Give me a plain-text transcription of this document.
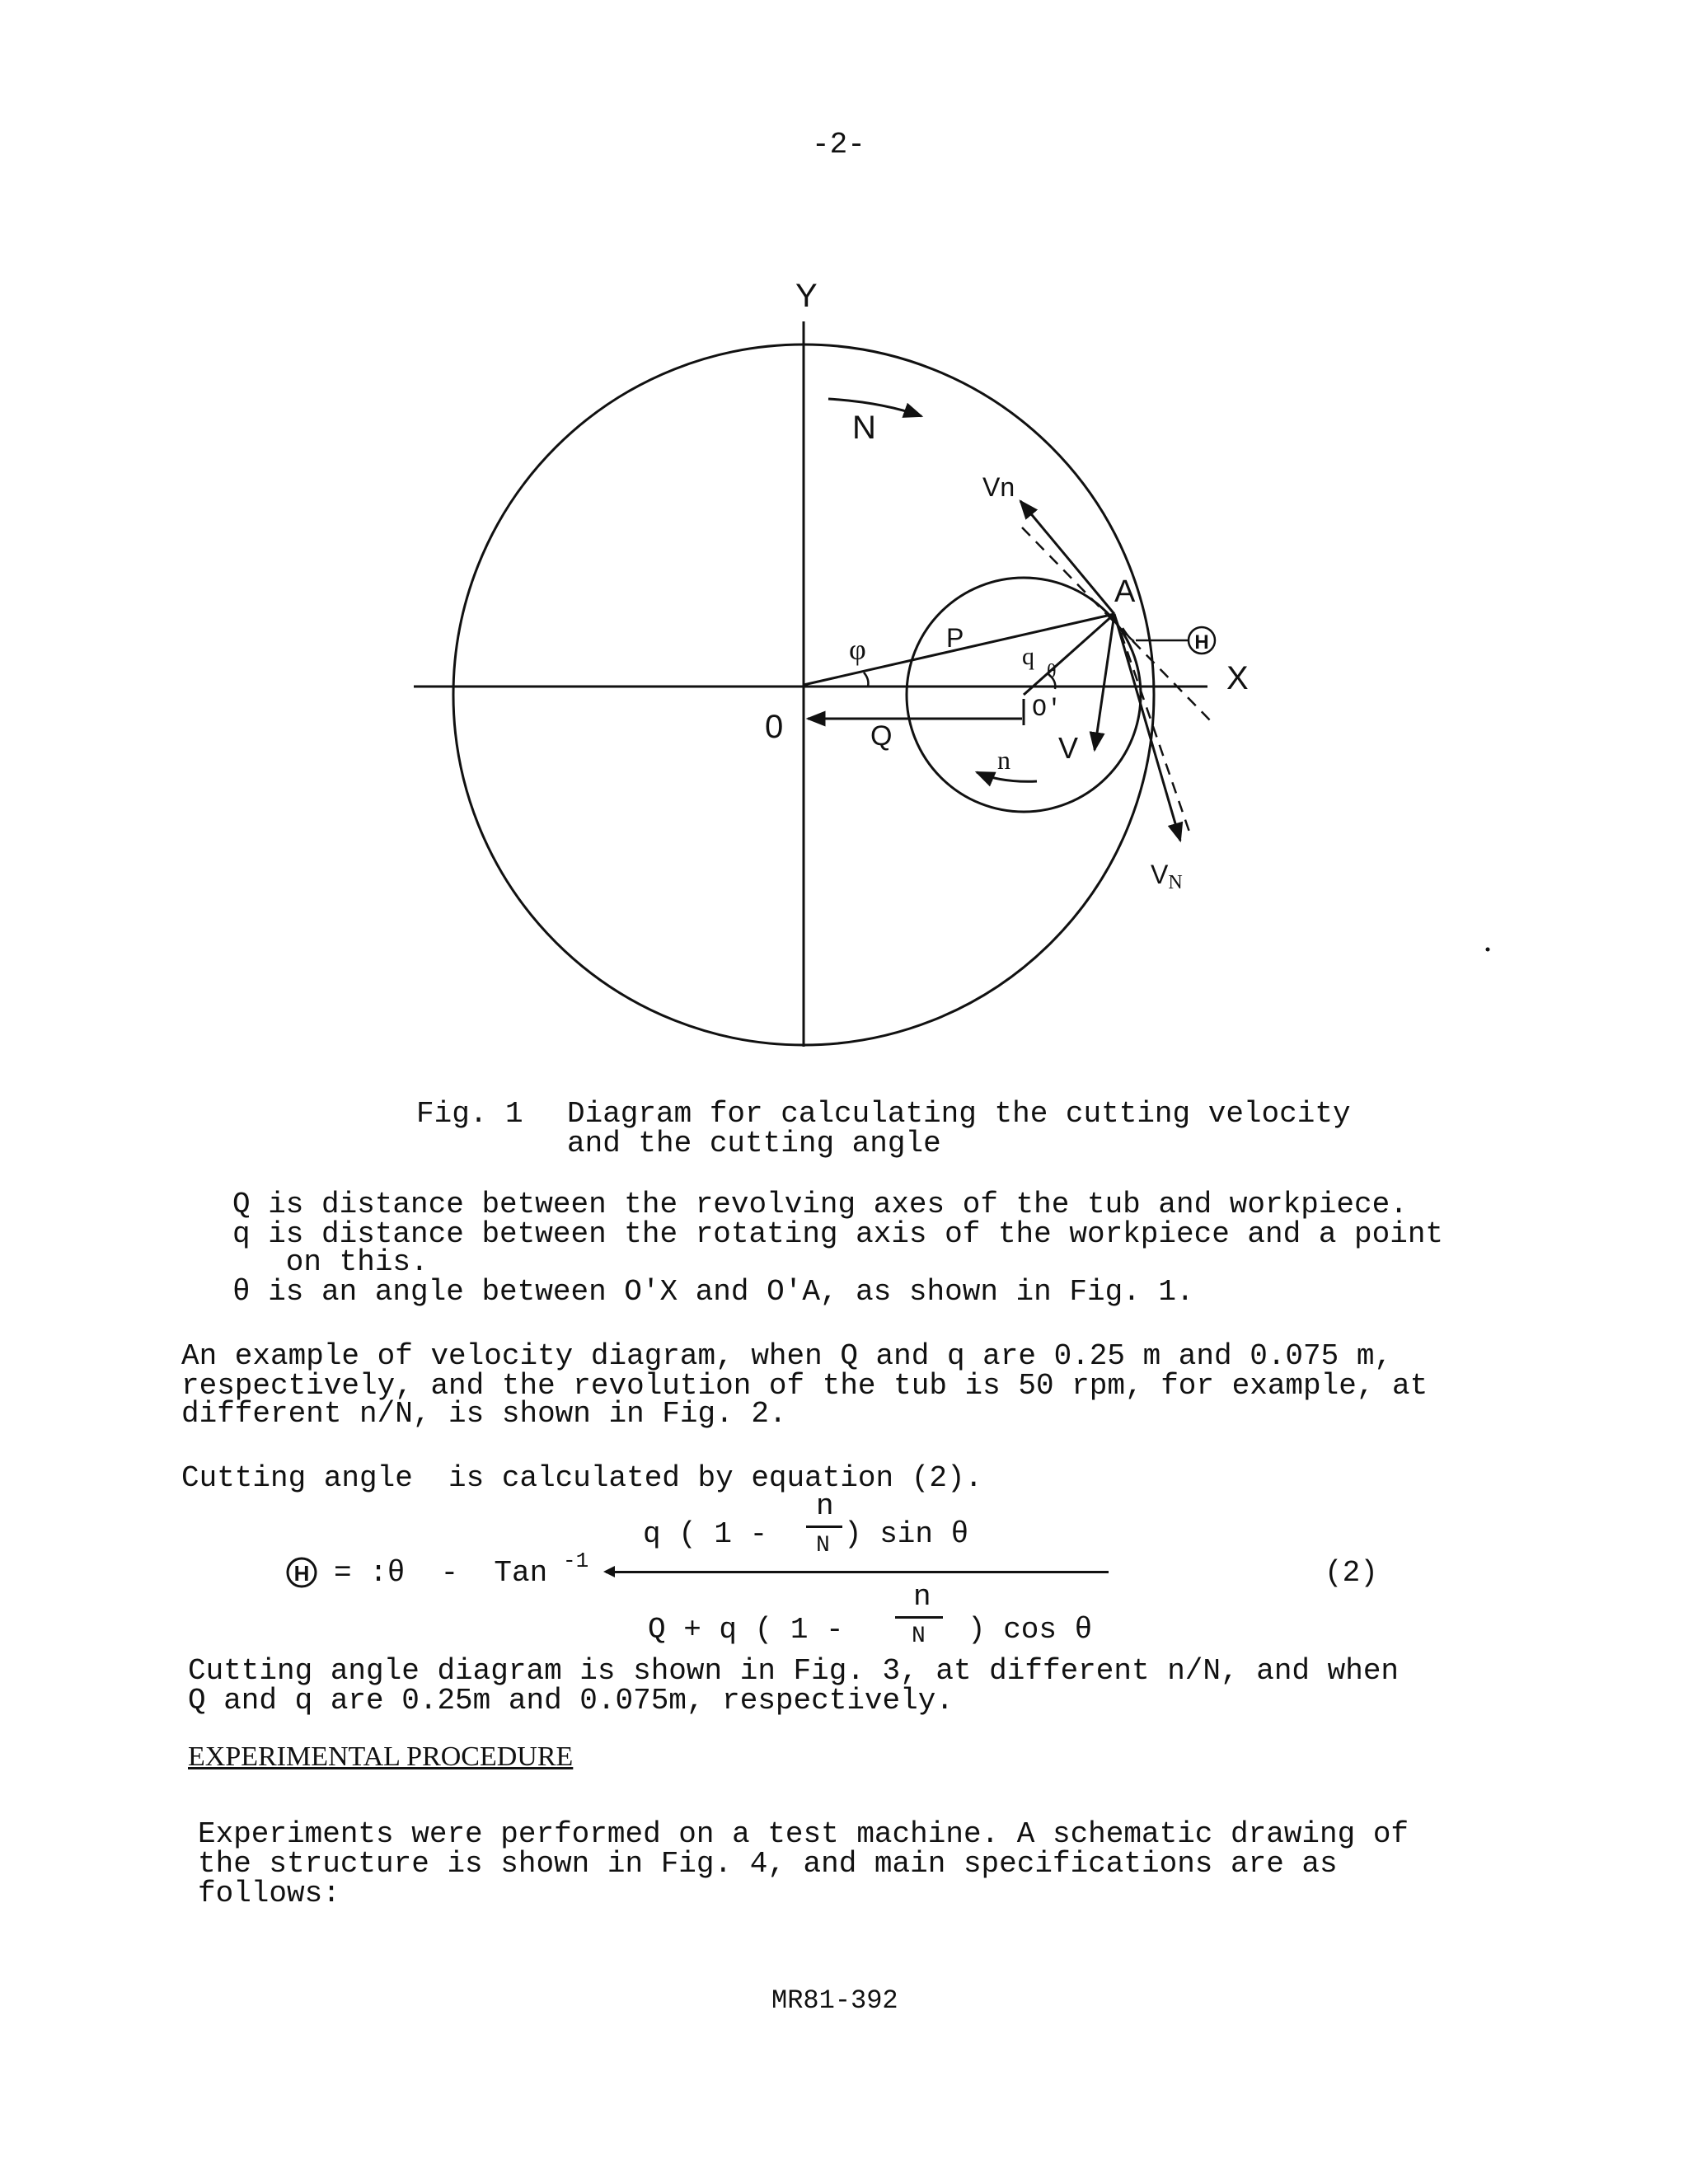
-2-
H
Y
X
0
N
n
Vn
VN
V
A
P
q
Q
O'
φ
θ
Fig. 1 Diagram for calculating the cutting velocity
and the cutting angle
Q is distance between the revolving axes of the tub and workpiece.
q is distance between the rotating axis of the workpiece and a point
on this.
θ is an angle between O'X and O'A, as shown in Fig. 1.
An example of velocity diagram, when Q and q are 0.25 m and 0.075 m,
respectively, and the revolution of the tub is 50 rpm, for example, at
different n/N, is shown in Fig. 2.
Cutting angle  is calculated by equation (2).
H = :θ  -  Tan -1
q ( 1 -
n
N ) sin θ
Q + q ( 1 -
n
N ) cos θ
(2)
Cutting angle diagram is shown in Fig. 3, at different n/N, and when
Q and q are 0.25m and 0.075m, respectively.
EXPERIMENTAL PROCEDURE
Experiments were performed on a test machine. A schematic drawing of
the structure is shown in Fig. 4, and main specifications are as
follows:
MR81-392
